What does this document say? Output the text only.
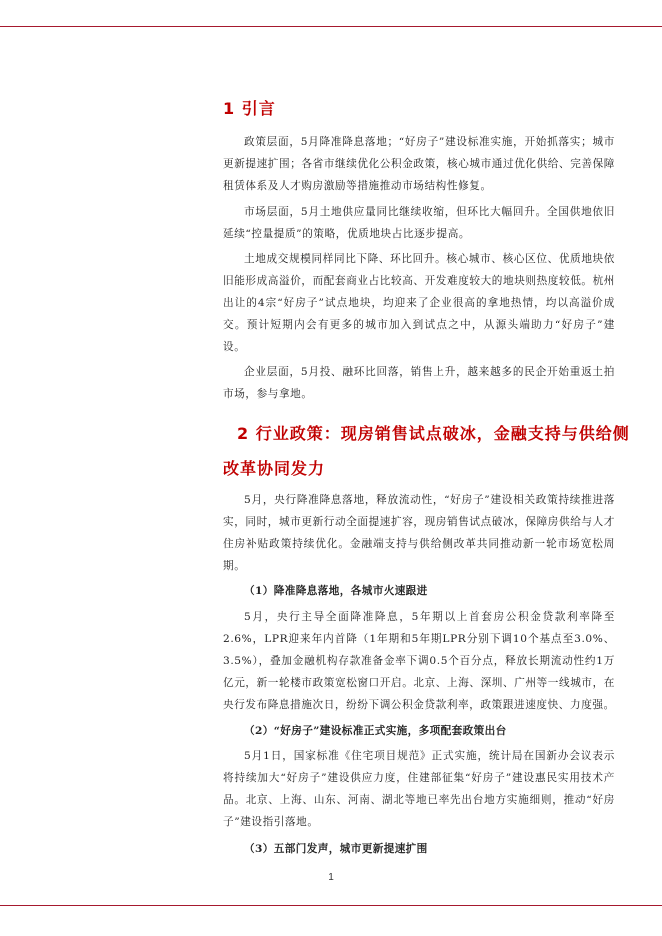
1 引言

政策层面，5月降准降息落地；“好房子”建设标准实施，开始抓落实；城市更新提速扩围；各省市继续优化公积金政策，核心城市通过优化供给、完善保障租赁体系及人才购房激励等措施推动市场结构性修复。

市场层面，5月土地供应量同比继续收缩，但环比大幅回升。全国供地依旧延续“控量提质”的策略，优质地块占比逐步提高。

土地成交规模同样同比下降、环比回升。核心城市、核心区位、优质地块依旧能形成高溢价，而配套商业占比较高、开发难度较大的地块则热度较低。杭州出让的4宗“好房子”试点地块，均迎来了企业很高的拿地热情，均以高溢价成交。预计短期内会有更多的城市加入到试点之中，从源头端助力“好房子”建设。

企业层面，5月投、融环比回落，销售上升，越来越多的民企开始重返土拍市场，参与拿地。

2 行业政策：现房销售试点破冰，金融支持与供给侧
改革协同发力

5月，央行降准降息落地，释放流动性，“好房子”建设相关政策持续推进落实，同时，城市更新行动全面提速扩容，现房销售试点破冰，保障房供给与人才住房补贴政策持续优化。金融端支持与供给侧改革共同推动新一轮市场宽松周期。

（1）降准降息落地，各城市火速跟进

5月，央行主导全面降准降息，5年期以上首套房公积金贷款利率降至2.6%，LPR迎来年内首降（1年期和5年期LPR分别下调10个基点至3.0%、3.5%），叠加金融机构存款准备金率下调0.5个百分点，释放长期流动性约1万亿元，新一轮楼市政策宽松窗口开启。北京、上海、深圳、广州等一线城市，在央行发布降息措施次日，纷纷下调公积金贷款利率，政策跟进速度快、力度强。

（2）“好房子”建设标准正式实施，多项配套政策出台

5月1日，国家标准《住宅项目规范》正式实施，统计局在国新办会议表示将持续加大“好房子”建设供应力度，住建部征集“好房子”建设惠民实用技术产品。北京、上海、山东、河南、湖北等地已率先出台地方实施细则，推动“好房子”建设指引落地。

（3）五部门发声，城市更新提速扩围

1
